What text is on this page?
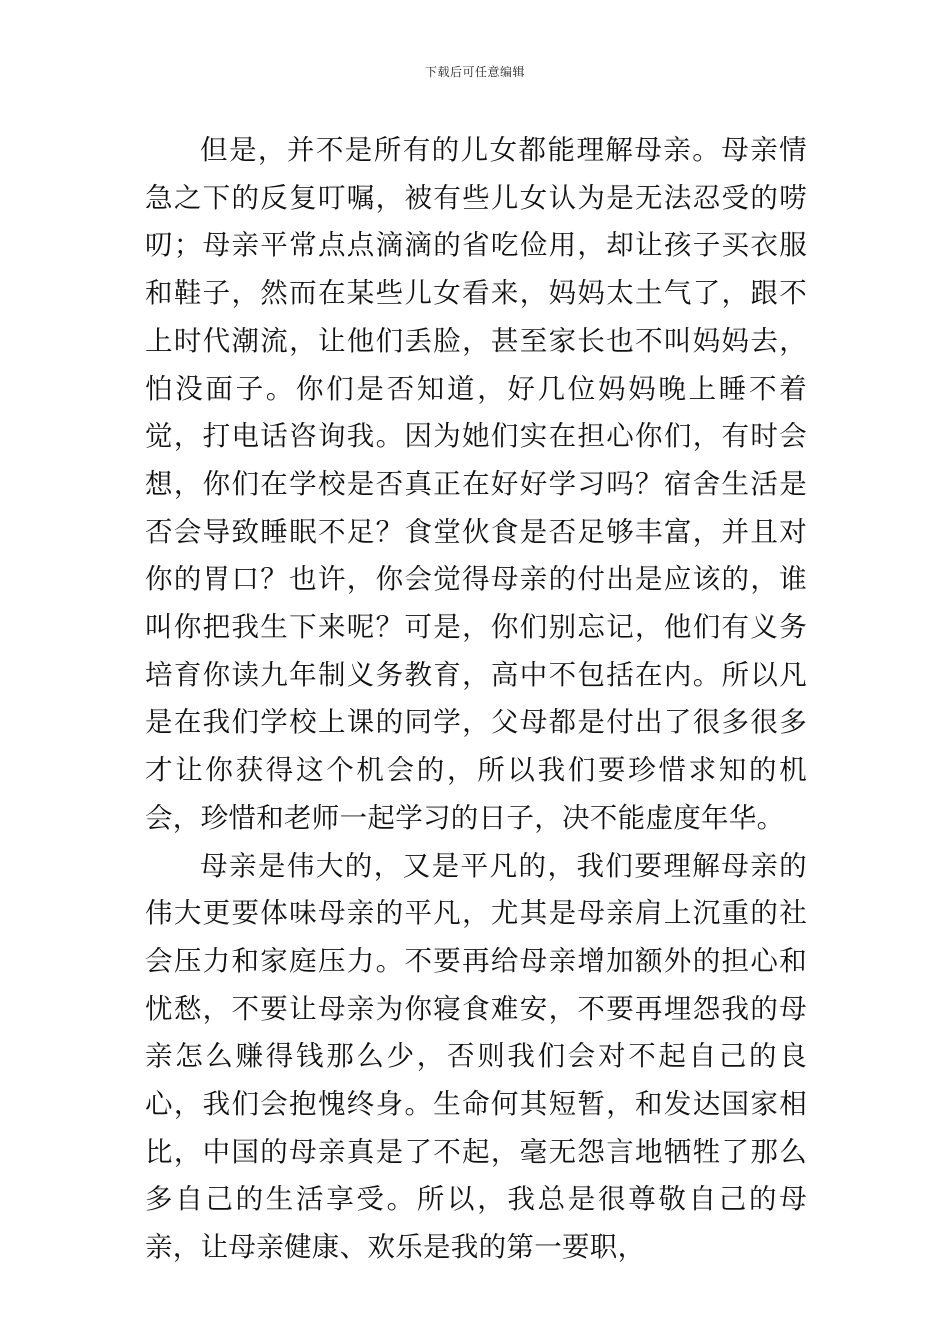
下载后可任意编辑

但是，并不是所有的儿女都能理解母亲。母亲情急之下的反复叮嘱，被有些儿女认为是无法忍受的唠叨；母亲平常点点滴滴的省吃俭用，却让孩子买衣服和鞋子，然而在某些儿女看来，妈妈太土气了，跟不上时代潮流，让他们丢脸，甚至家长也不叫妈妈去，怕没面子。你们是否知道，好几位妈妈晚上睡不着觉，打电话咨询我。因为她们实在担心你们，有时会想，你们在学校是否真正在好好学习吗？宿舍生活是否会导致睡眠不足？食堂伙食是否足够丰富，并且对你的胃口？也许，你会觉得母亲的付出是应该的，谁叫你把我生下来呢？可是，你们别忘记，他们有义务培育你读九年制义务教育，高中不包括在内。所以凡是在我们学校上课的同学，父母都是付出了很多很多才让你获得这个机会的，所以我们要珍惜求知的机会，珍惜和老师一起学习的日子，决不能虚度年华。

母亲是伟大的，又是平凡的，我们要理解母亲的伟大更要体味母亲的平凡，尤其是母亲肩上沉重的社会压力和家庭压力。不要再给母亲增加额外的担心和忧愁，不要让母亲为你寝食难安，不要再埋怨我的母亲怎么赚得钱那么少，否则我们会对不起自己的良心，我们会抱愧终身。生命何其短暂，和发达国家相比，中国的母亲真是了不起，毫无怨言地牺牲了那么多自己的生活享受。所以，我总是很尊敬自己的母亲，让母亲健康、欢乐是我的第一要职，
